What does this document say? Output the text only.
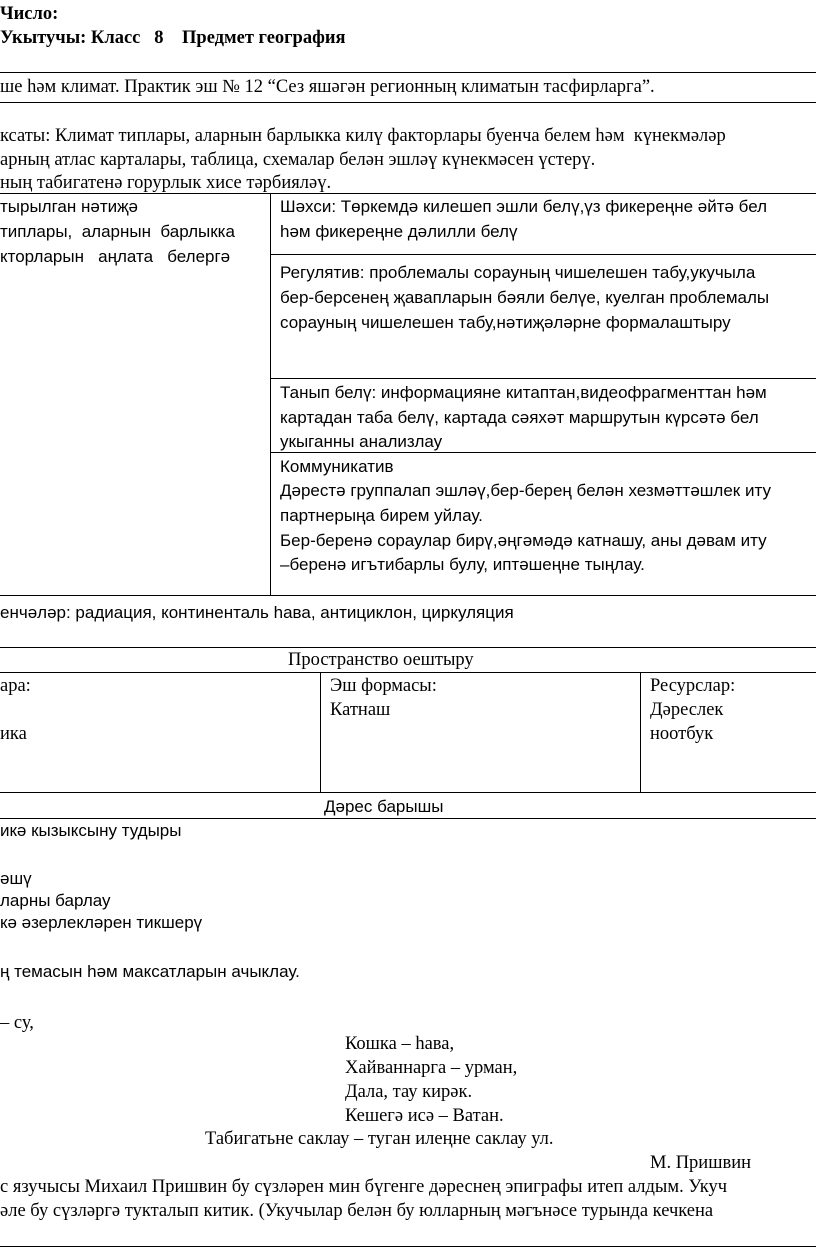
Число:
Укытучы: Класс   8    Предмет география
ше һәм климат. Практик эш № 12 “Сез яшәгән регионның климатын тасфирларга”.
ксаты: Климат типлары, аларнын барлыкка килү факторлары буенча белем һәм  күнекмәләр
арның атлас карталары, таблица, схемалар белән эшләү күнекмәсен үстерү.
ның табигатенә горурлык хисе тәрбияләү.
тырылган нәтиҗә
типлары,  аларнын  барлыкка
кторларын   аңлата   белергә
Шәхси: Төркемдә килешеп эшли белү,үз фикереңне әйтә бел
һәм фикереңне дәлилли белү
Регулятив: проблемалы сорауның чишелешен табу,укучыла
бер-берсенең җавапларын бәяли белүе, куелган проблемалы
сорауның чишелешен табу,нәтиҗәләрне формалаштыру
Танып белү: информацияне китаптан,видеофрагменттан һәм
картадан таба белү, картада сәяхәт маршрутын күрсәтә бел
укыганны анализлау
Коммуникатив
Дәрестә группалап эшләү,бер-берең белән хезмәттәшлек иту
партнерыңа бирем уйлау.
Бер-беренә сораулар бирү,әңгәмәдә катнашу, аны дәвам иту
–беренә игътибарлы булу, иптәшеңне тыңлау.
енчәләр: радиация, континенталь һава, антициклон, циркуляция
Пространство оештыру
ара:
ика
Эш формасы:
Катнаш
Ресурслар:
Дәреслек
ноотбук
Дәрес барышы
икә кызыксыну тудыры
әшү
ларны барлау
кә әзерлекләрен тикшерү
ң темасын һәм максатларын ачыклау.
– су,
Кошка – һава,
Хайваннарга – урман,
Дала, тау кирәк.
Кешегә исә – Ватан.
Табигатьне саклау – туган илеңне саклау ул.
М. Пришвин
с язучысы Михаил Пришвин бу сүзләрен мин бүгенге дәреснең эпиграфы итеп алдым. Укуч
әле бу сүзләргә тукталып китик. (Укучылар белән бу юлларның мәгънәсе турында кечкена
